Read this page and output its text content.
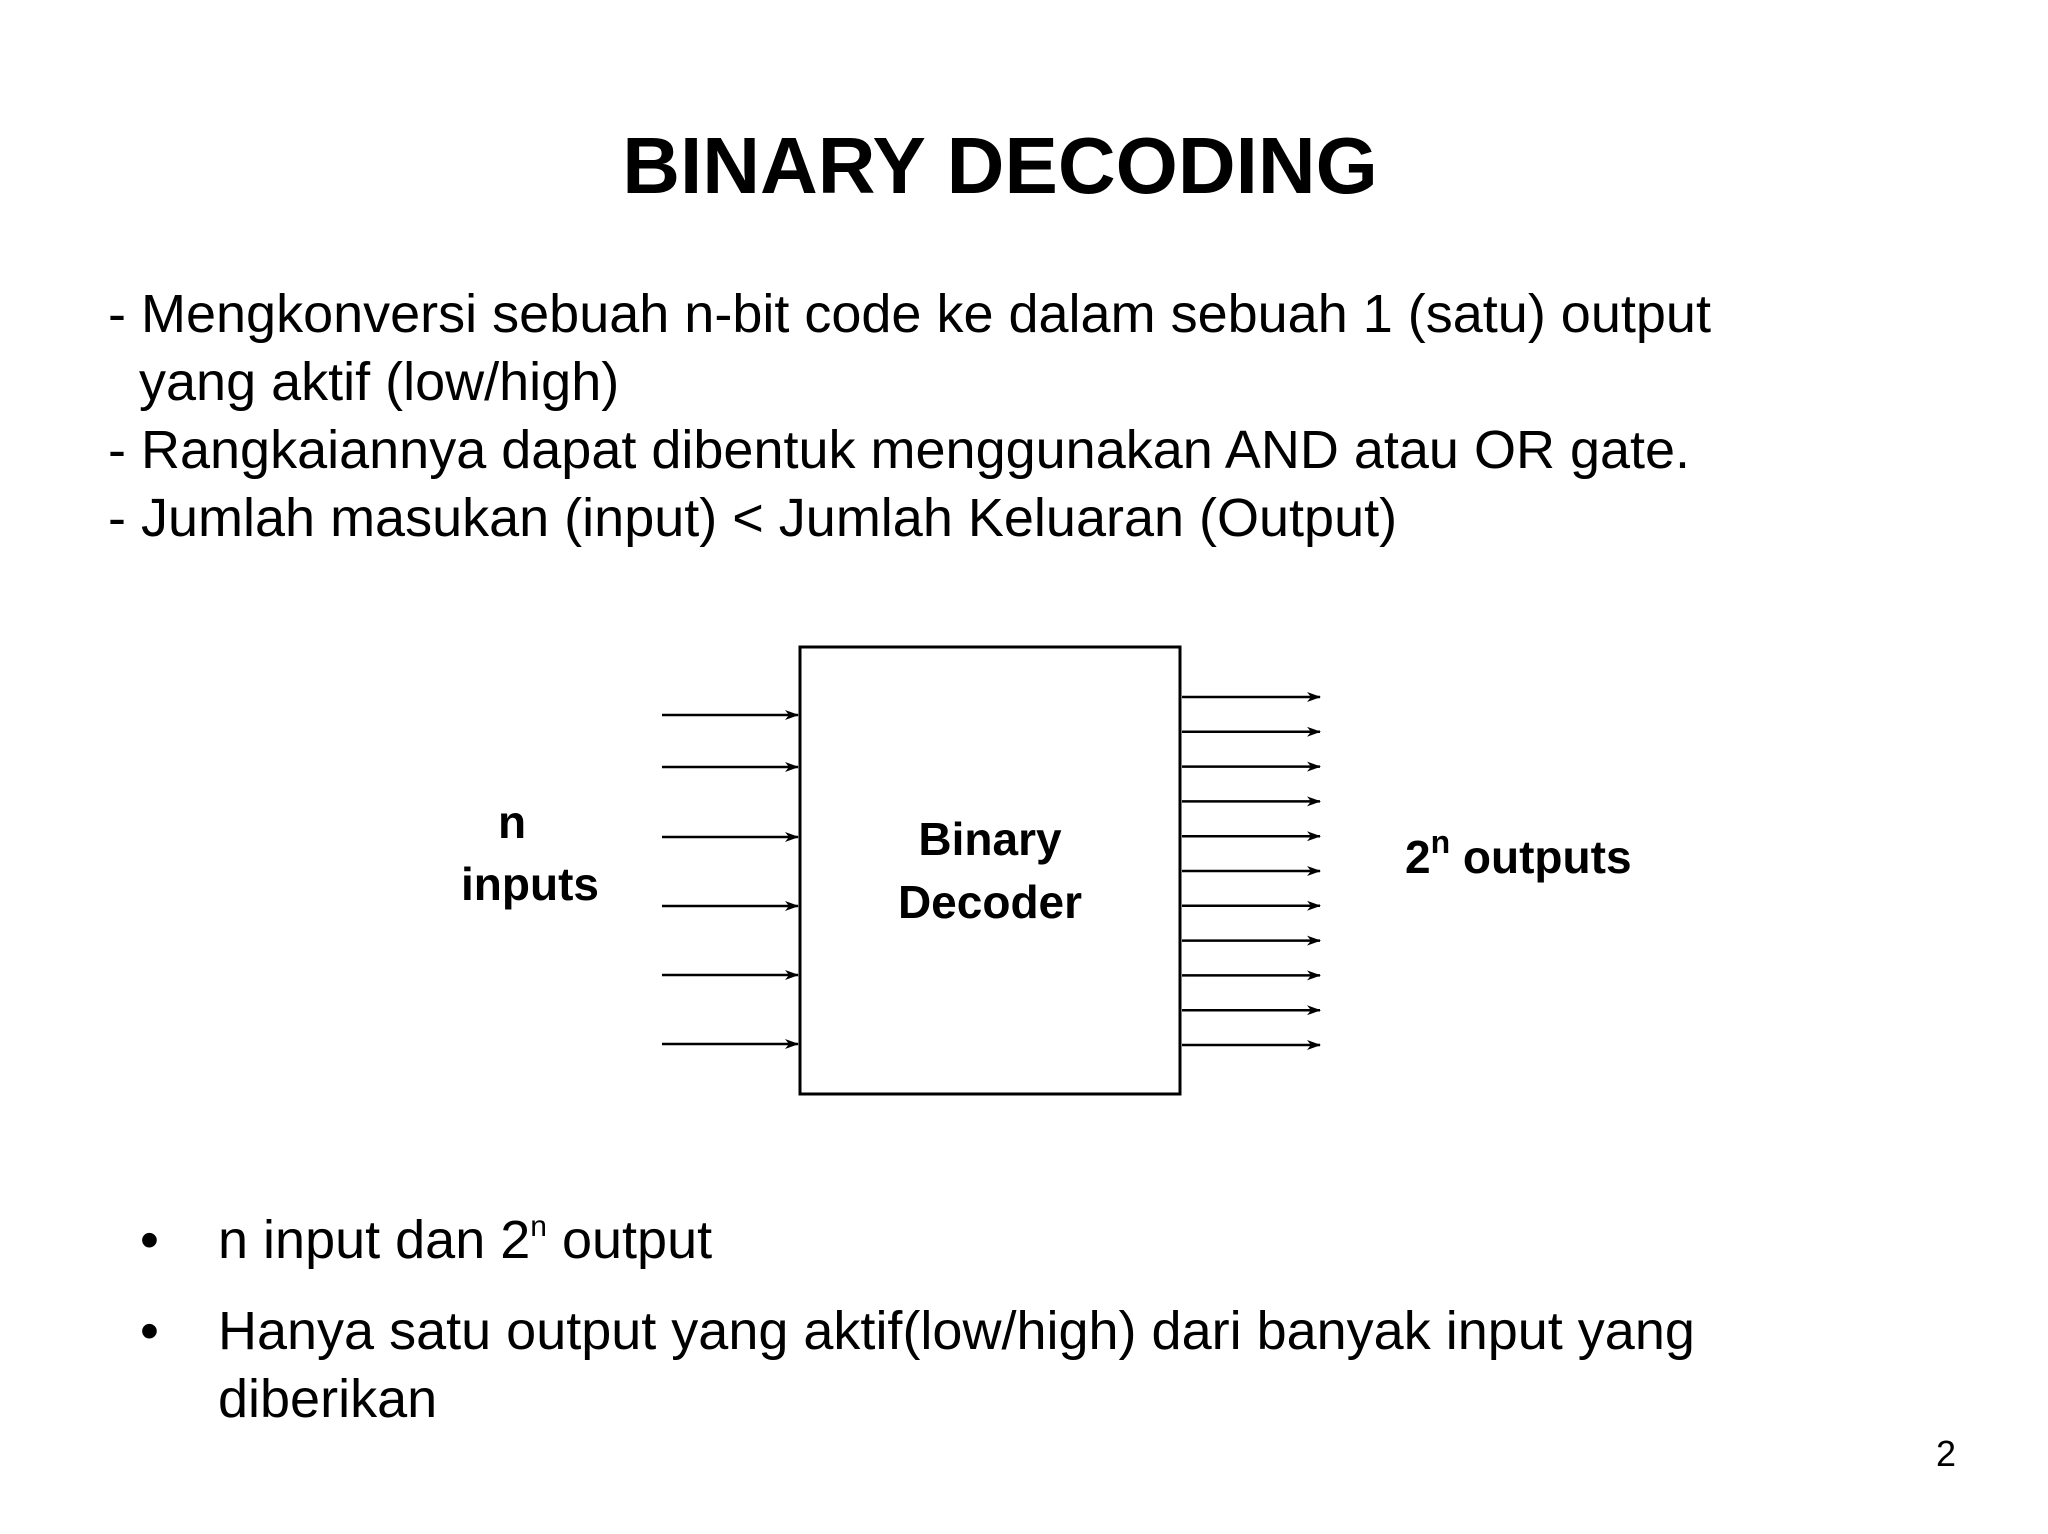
BINARY DECODING
- Mengkonversi sebuah n-bit code ke dalam sebuah 1 (satu) output
yang aktif (low/high)
- Rangkaiannya dapat dibentuk menggunakan AND atau OR gate.
- Jumlah masukan (input) < Jumlah Keluaran (Output)
n
inputs
Binary
Decoder
2$^n$ outputs
• n input dan 2$^n$ output
• Hanya satu output yang aktif(low/high) dari banyak input yang diberikan
2
